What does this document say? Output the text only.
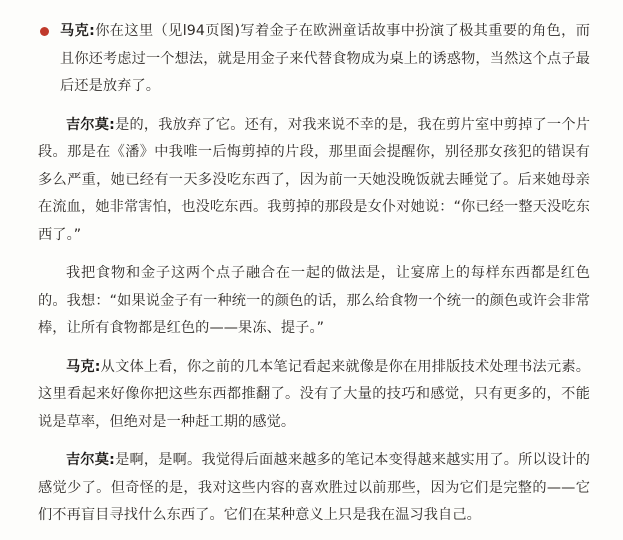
马克:你在这里（见l94页图)写着金子在欧洲童话故事中扮演了极其重要的角色，而且你还考虑过一个想法，就是用金子来代替食物成为桌上的诱惑物，当然这个点子最后还是放弃了。
吉尔莫:是的，我放弃了它。还有，对我来说不幸的是，我在剪片室中剪掉了一个片段。那是在《潘》中我唯一后悔剪掉的片段，那里面会提醒你，别径那女孩犯的错误有多么严重，她已经有一天多没吃东西了，因为前一天她没晚饭就去睡觉了。后来她母亲在流血，她非常害怕，也没吃东西。我剪掉的那段是女仆对她说：“你已经一整天没吃东西了。”
我把食物和金子这两个点子融合在一起的做法是，让宴席上的每样东西都是红色的。我想：“如果说金子有一种统一的颜色的话，那么给食物一个统一的颜色或许会非常棒，让所有食物都是红色的——果冻、提子。”
马克:从文体上看，你之前的几本笔记看起来就像是你在用排版技术处理书法元素。这里看起来好像你把这些东西都推翻了。没有了大量的技巧和感觉，只有更多的，不能说是草率，但绝对是一种赶工期的感觉。
吉尔莫:是啊，是啊。我觉得后面越来越多的笔记本变得越来越实用了。所以设计的感觉少了。但奇怪的是，我对这些内容的喜欢胜过以前那些，因为它们是完整的——它们不再盲目寻找什么东西了。它们在某种意义上只是我在温习我自己。
